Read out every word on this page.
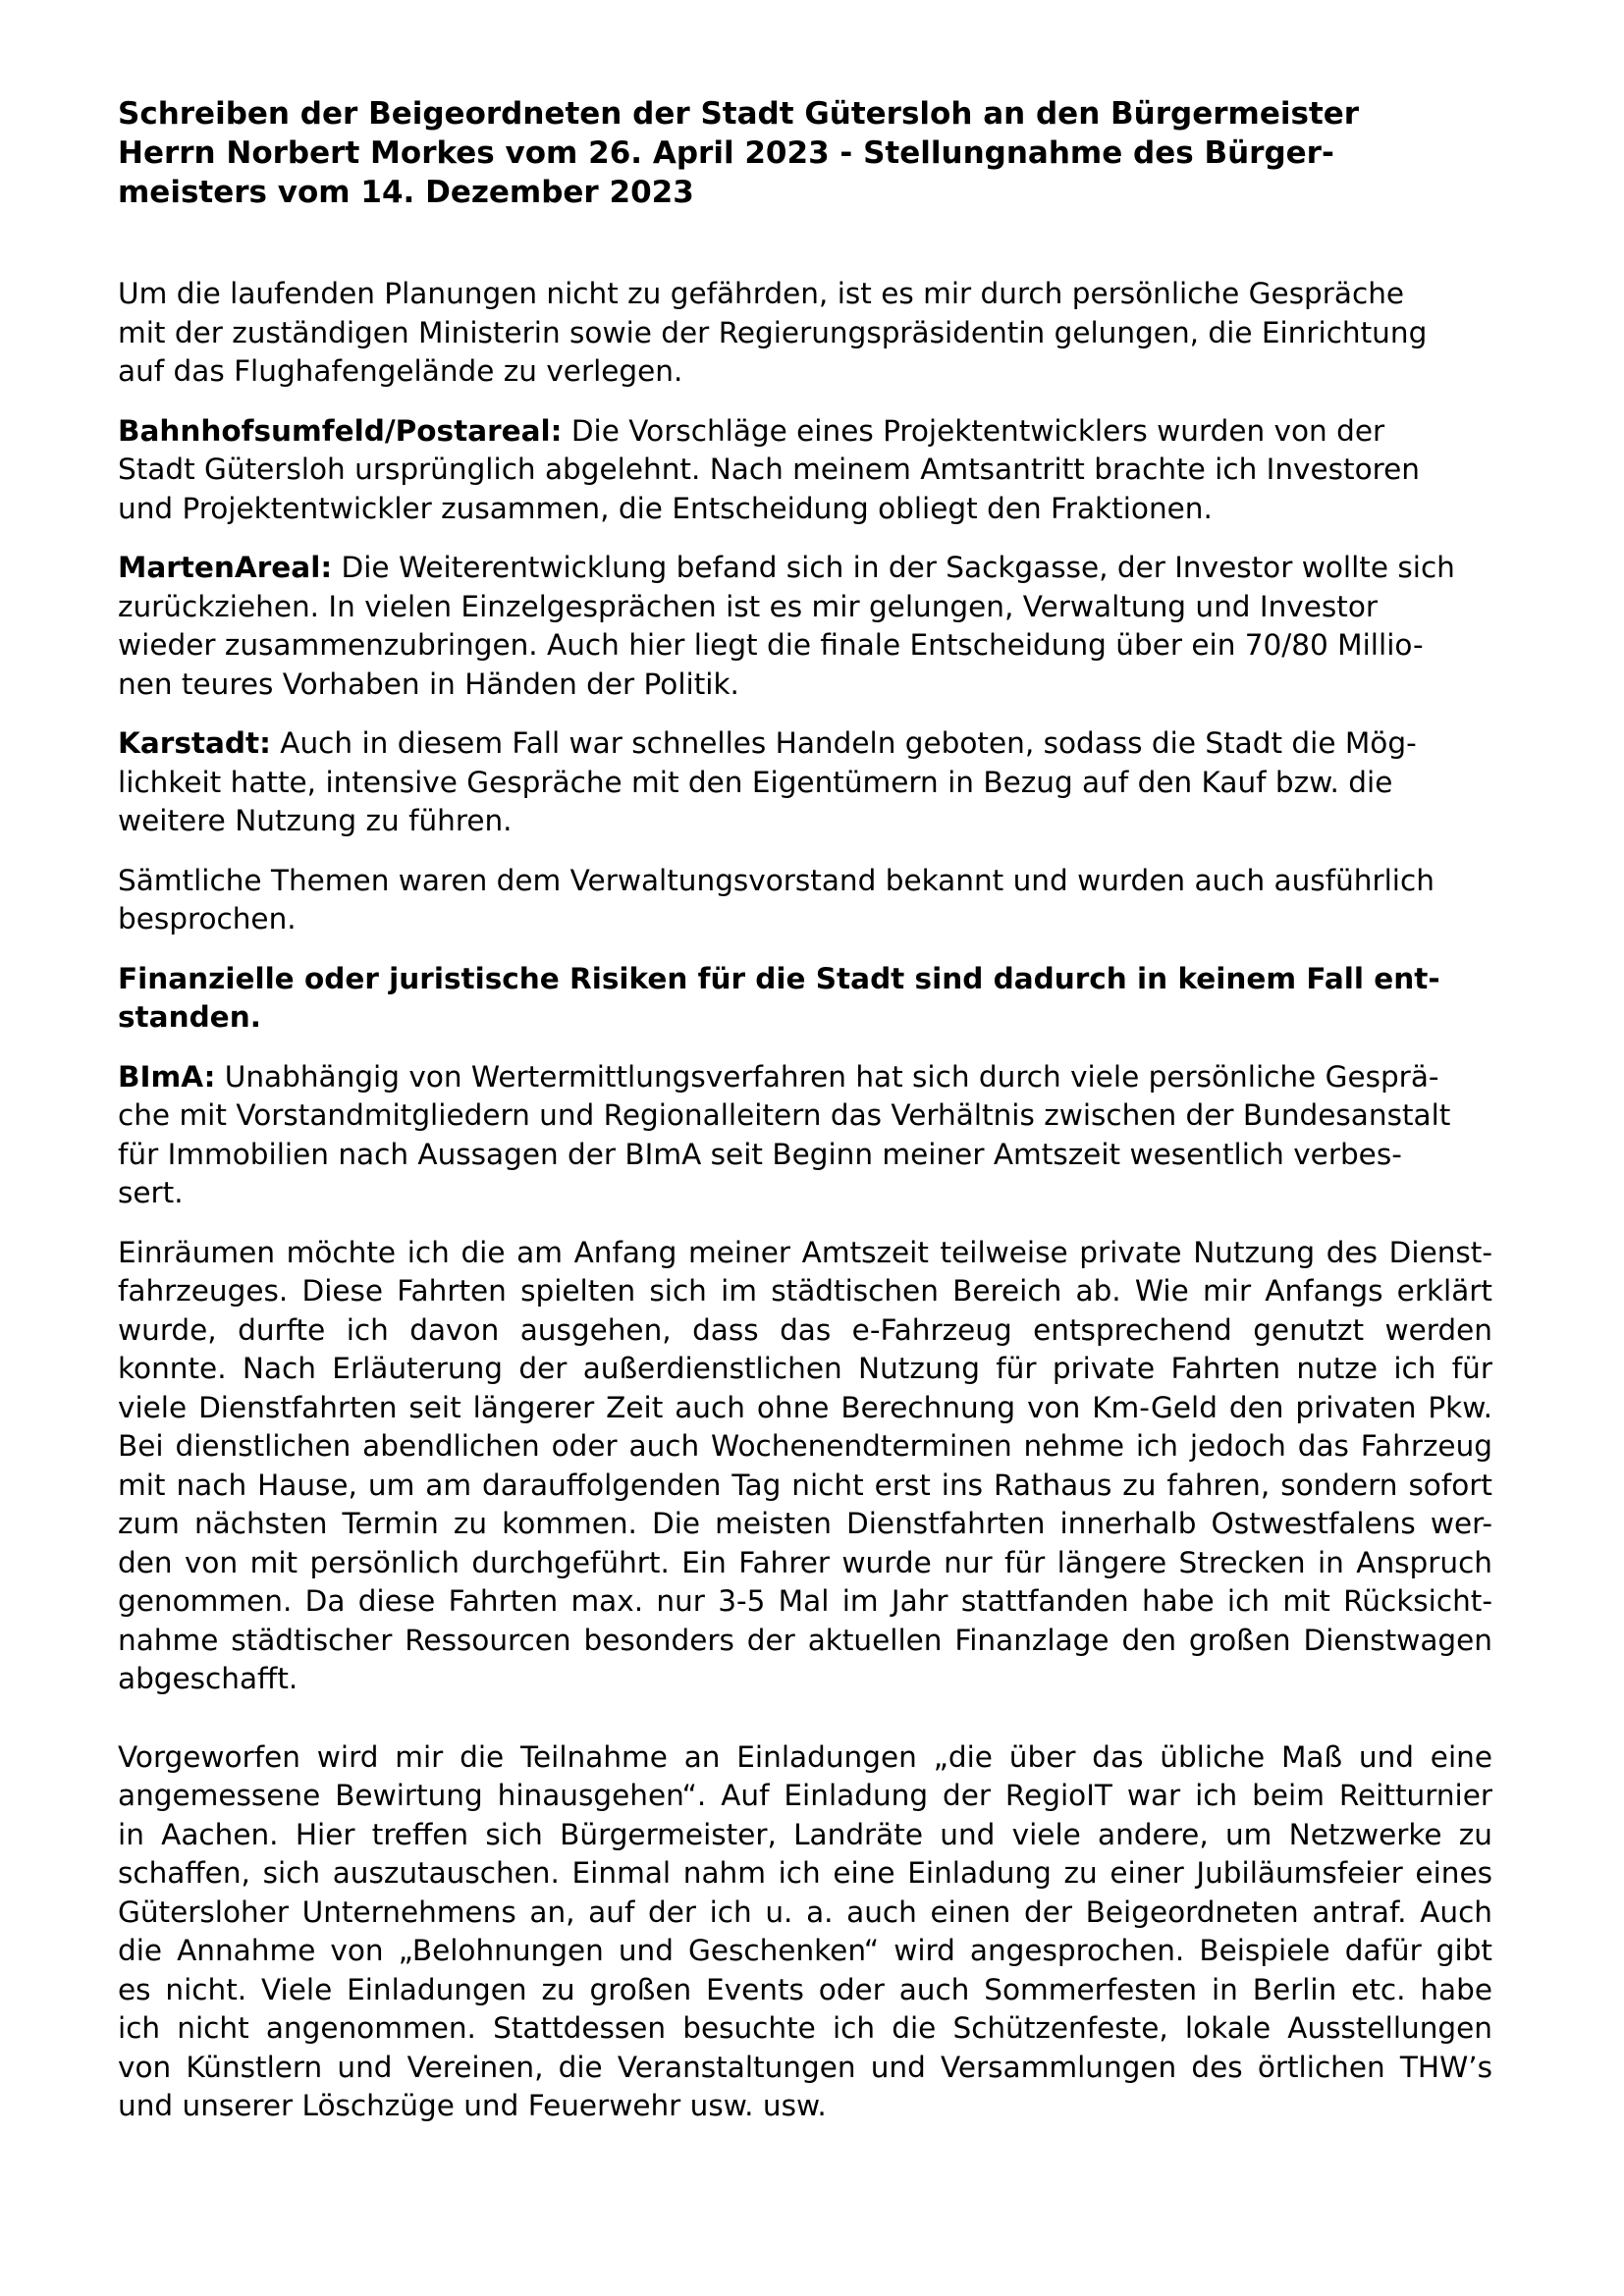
Schreiben der Beigeordneten der Stadt Gütersloh an den Bürgermeister
Herrn Norbert Morkes vom 26. April 2023 - Stellungnahme des Bürger-
meisters vom 14. Dezember 2023
Um die laufenden Planungen nicht zu gefährden, ist es mir durch persönliche Gespräche
mit der zuständigen Ministerin sowie der Regierungspräsidentin gelungen, die Einrichtung
auf das Flughafengelände zu verlegen.
Bahnhofsumfeld/Postareal: Die Vorschläge eines Projektentwicklers wurden von der
Stadt Gütersloh ursprünglich abgelehnt. Nach meinem Amtsantritt brachte ich Investoren
und Projektentwickler zusammen, die Entscheidung obliegt den Fraktionen.
MartenAreal: Die Weiterentwicklung befand sich in der Sackgasse, der Investor wollte sich
zurückziehen. In vielen Einzelgesprächen ist es mir gelungen, Verwaltung und Investor
wieder zusammenzubringen. Auch hier liegt die finale Entscheidung über ein 70/80 Millio-
nen teures Vorhaben in Händen der Politik.
Karstadt: Auch in diesem Fall war schnelles Handeln geboten, sodass die Stadt die Mög-
lichkeit hatte, intensive Gespräche mit den Eigentümern in Bezug auf den Kauf bzw. die
weitere Nutzung zu führen.
Sämtliche Themen waren dem Verwaltungsvorstand bekannt und wurden auch ausführlich
besprochen.
Finanzielle oder juristische Risiken für die Stadt sind dadurch in keinem Fall ent-
standen.
BImA: Unabhängig von Wertermittlungsverfahren hat sich durch viele persönliche Gesprä-
che mit Vorstandmitgliedern und Regionalleitern das Verhältnis zwischen der Bundesanstalt
für Immobilien nach Aussagen der BImA seit Beginn meiner Amtszeit wesentlich verbes-
sert.
Einräumen möchte ich die am Anfang meiner Amtszeit teilweise private Nutzung des Dienst-
fahrzeuges. Diese Fahrten spielten sich im städtischen Bereich ab. Wie mir Anfangs erklärt
wurde, durfte ich davon ausgehen, dass das e-Fahrzeug entsprechend genutzt werden
konnte. Nach Erläuterung der außerdienstlichen Nutzung für private Fahrten nutze ich für
viele Dienstfahrten seit längerer Zeit auch ohne Berechnung von Km-Geld den privaten Pkw.
Bei dienstlichen abendlichen oder auch Wochenendterminen nehme ich jedoch das Fahrzeug
mit nach Hause, um am darauffolgenden Tag nicht erst ins Rathaus zu fahren, sondern sofort
zum nächsten Termin zu kommen. Die meisten Dienstfahrten innerhalb Ostwestfalens wer-
den von mit persönlich durchgeführt. Ein Fahrer wurde nur für längere Strecken in Anspruch
genommen. Da diese Fahrten max. nur 3-5 Mal im Jahr stattfanden habe ich mit Rücksicht-
nahme städtischer Ressourcen besonders der aktuellen Finanzlage den großen Dienstwagen
abgeschafft.
Vorgeworfen wird mir die Teilnahme an Einladungen „die über das übliche Maß und eine
angemessene Bewirtung hinausgehen“. Auf Einladung der RegioIT war ich beim Reitturnier
in Aachen. Hier treffen sich Bürgermeister, Landräte und viele andere, um Netzwerke zu
schaffen, sich auszutauschen. Einmal nahm ich eine Einladung zu einer Jubiläumsfeier eines
Gütersloher Unternehmens an, auf der ich u. a. auch einen der Beigeordneten antraf. Auch
die Annahme von „Belohnungen und Geschenken“ wird angesprochen. Beispiele dafür gibt
es nicht. Viele Einladungen zu großen Events oder auch Sommerfesten in Berlin etc. habe
ich nicht angenommen. Stattdessen besuchte ich die Schützenfeste, lokale Ausstellungen
von Künstlern und Vereinen, die Veranstaltungen und Versammlungen des örtlichen THW’s
und unserer Löschzüge und Feuerwehr usw. usw.
